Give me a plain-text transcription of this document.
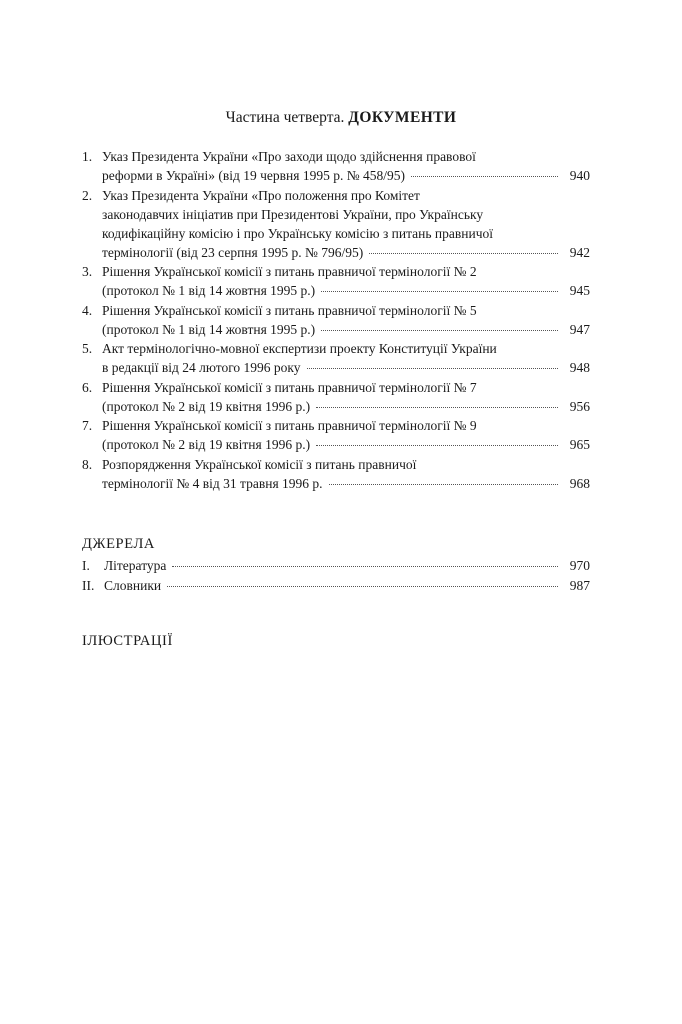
Частина четверта. ДОКУМЕНТИ
1. Указ Президента України «Про заходи щодо здійснення правової
реформи в Україні» (від 19 червня 1995 р. № 458/95)	940
2. Указ Президента України «Про положення про Комітет
законодавчих ініціатив при Президентові України, про Українську
кодифікаційну комісію і про Українську комісію з питань правничої
термінології (від 23 серпня 1995 р. № 796/95)	942
3. Рішення Української комісії з питань правничої термінології № 2
(протокол № 1 від 14 жовтня 1995 р.)	945
4. Рішення Української комісії з питань правничої термінології № 5
(протокол № 1 від 14 жовтня 1995 р.)	947
5. Акт термінологічно-мовної експертизи проекту Конституції України
в редакції від 24 лютого 1996 року	948
6. Рішення Української комісії з питань правничої термінології № 7
(протокол № 2 від 19 квітня 1996 р.)	956
7. Рішення Української комісії з питань правничої термінології № 9
(протокол № 2 від 19 квітня 1996 р.)	965
8. Розпорядження Української комісії з питань правничої
термінології № 4 від 31 травня 1996 р.	968
ДЖЕРЕЛА
I.	Література	970
II. Словники	987
ІЛЮСТРАЦІЇ
